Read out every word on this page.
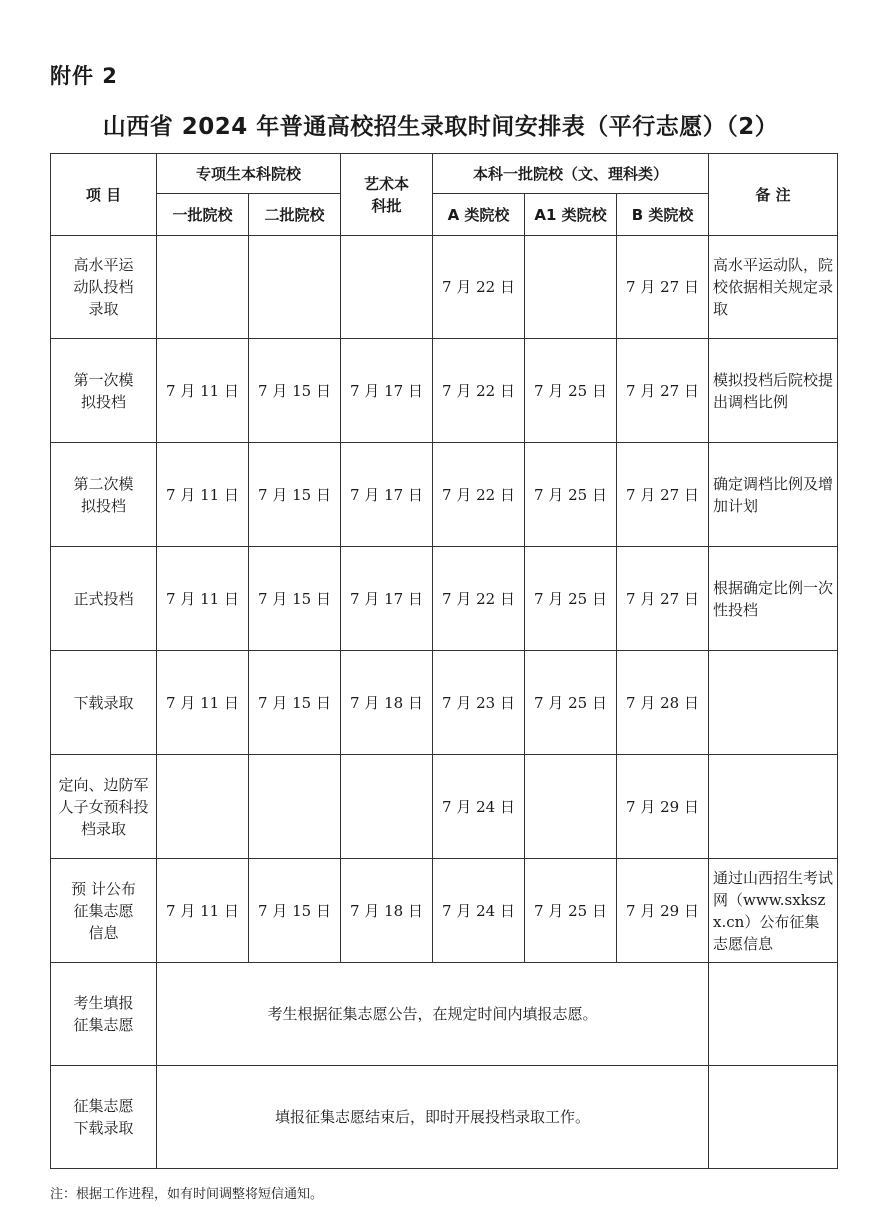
附件 2
山西省 2024 年普通高校招生录取时间安排表（平行志愿）（2）
项 目	专项生本科院校		艺术本科批	本科一批院校（文、理科类）			备 注
	一批院校	二批院校		A 类院校	A1 类院校	B 类院校	
高水平运动队投档录取				7 月 22 日		7 月 27 日	高水平运动队，院校依据相关规定录取
第一次模拟投档	7 月 11 日	7 月 15 日	7 月 17 日	7 月 22 日	7 月 25 日	7 月 27 日	模拟投档后院校提出调档比例
第二次模拟投档	7 月 11 日	7 月 15 日	7 月 17 日	7 月 22 日	7 月 25 日	7 月 27 日	确定调档比例及增加计划
正式投档	7 月 11 日	7 月 15 日	7 月 17 日	7 月 22 日	7 月 25 日	7 月 27 日	根据确定比例一次性投档
下载录取	7 月 11 日	7 月 15 日	7 月 18 日	7 月 23 日	7 月 25 日	7 月 28 日	
定向、边防军人子女预科投档录取				7 月 24 日		7 月 29 日	
预 计公布征集志愿信息	7 月 11 日	7 月 15 日	7 月 18 日	7 月 24 日	7 月 25 日	7 月 29 日	通过山西招生考试网（www.sxkszx.cn）公布征集志愿信息
考生填报征集志愿	考生根据征集志愿公告，在规定时间内填报志愿。						
征集志愿下载录取	填报征集志愿结束后，即时开展投档录取工作。						
注：根据工作进程，如有时间调整将短信通知。
